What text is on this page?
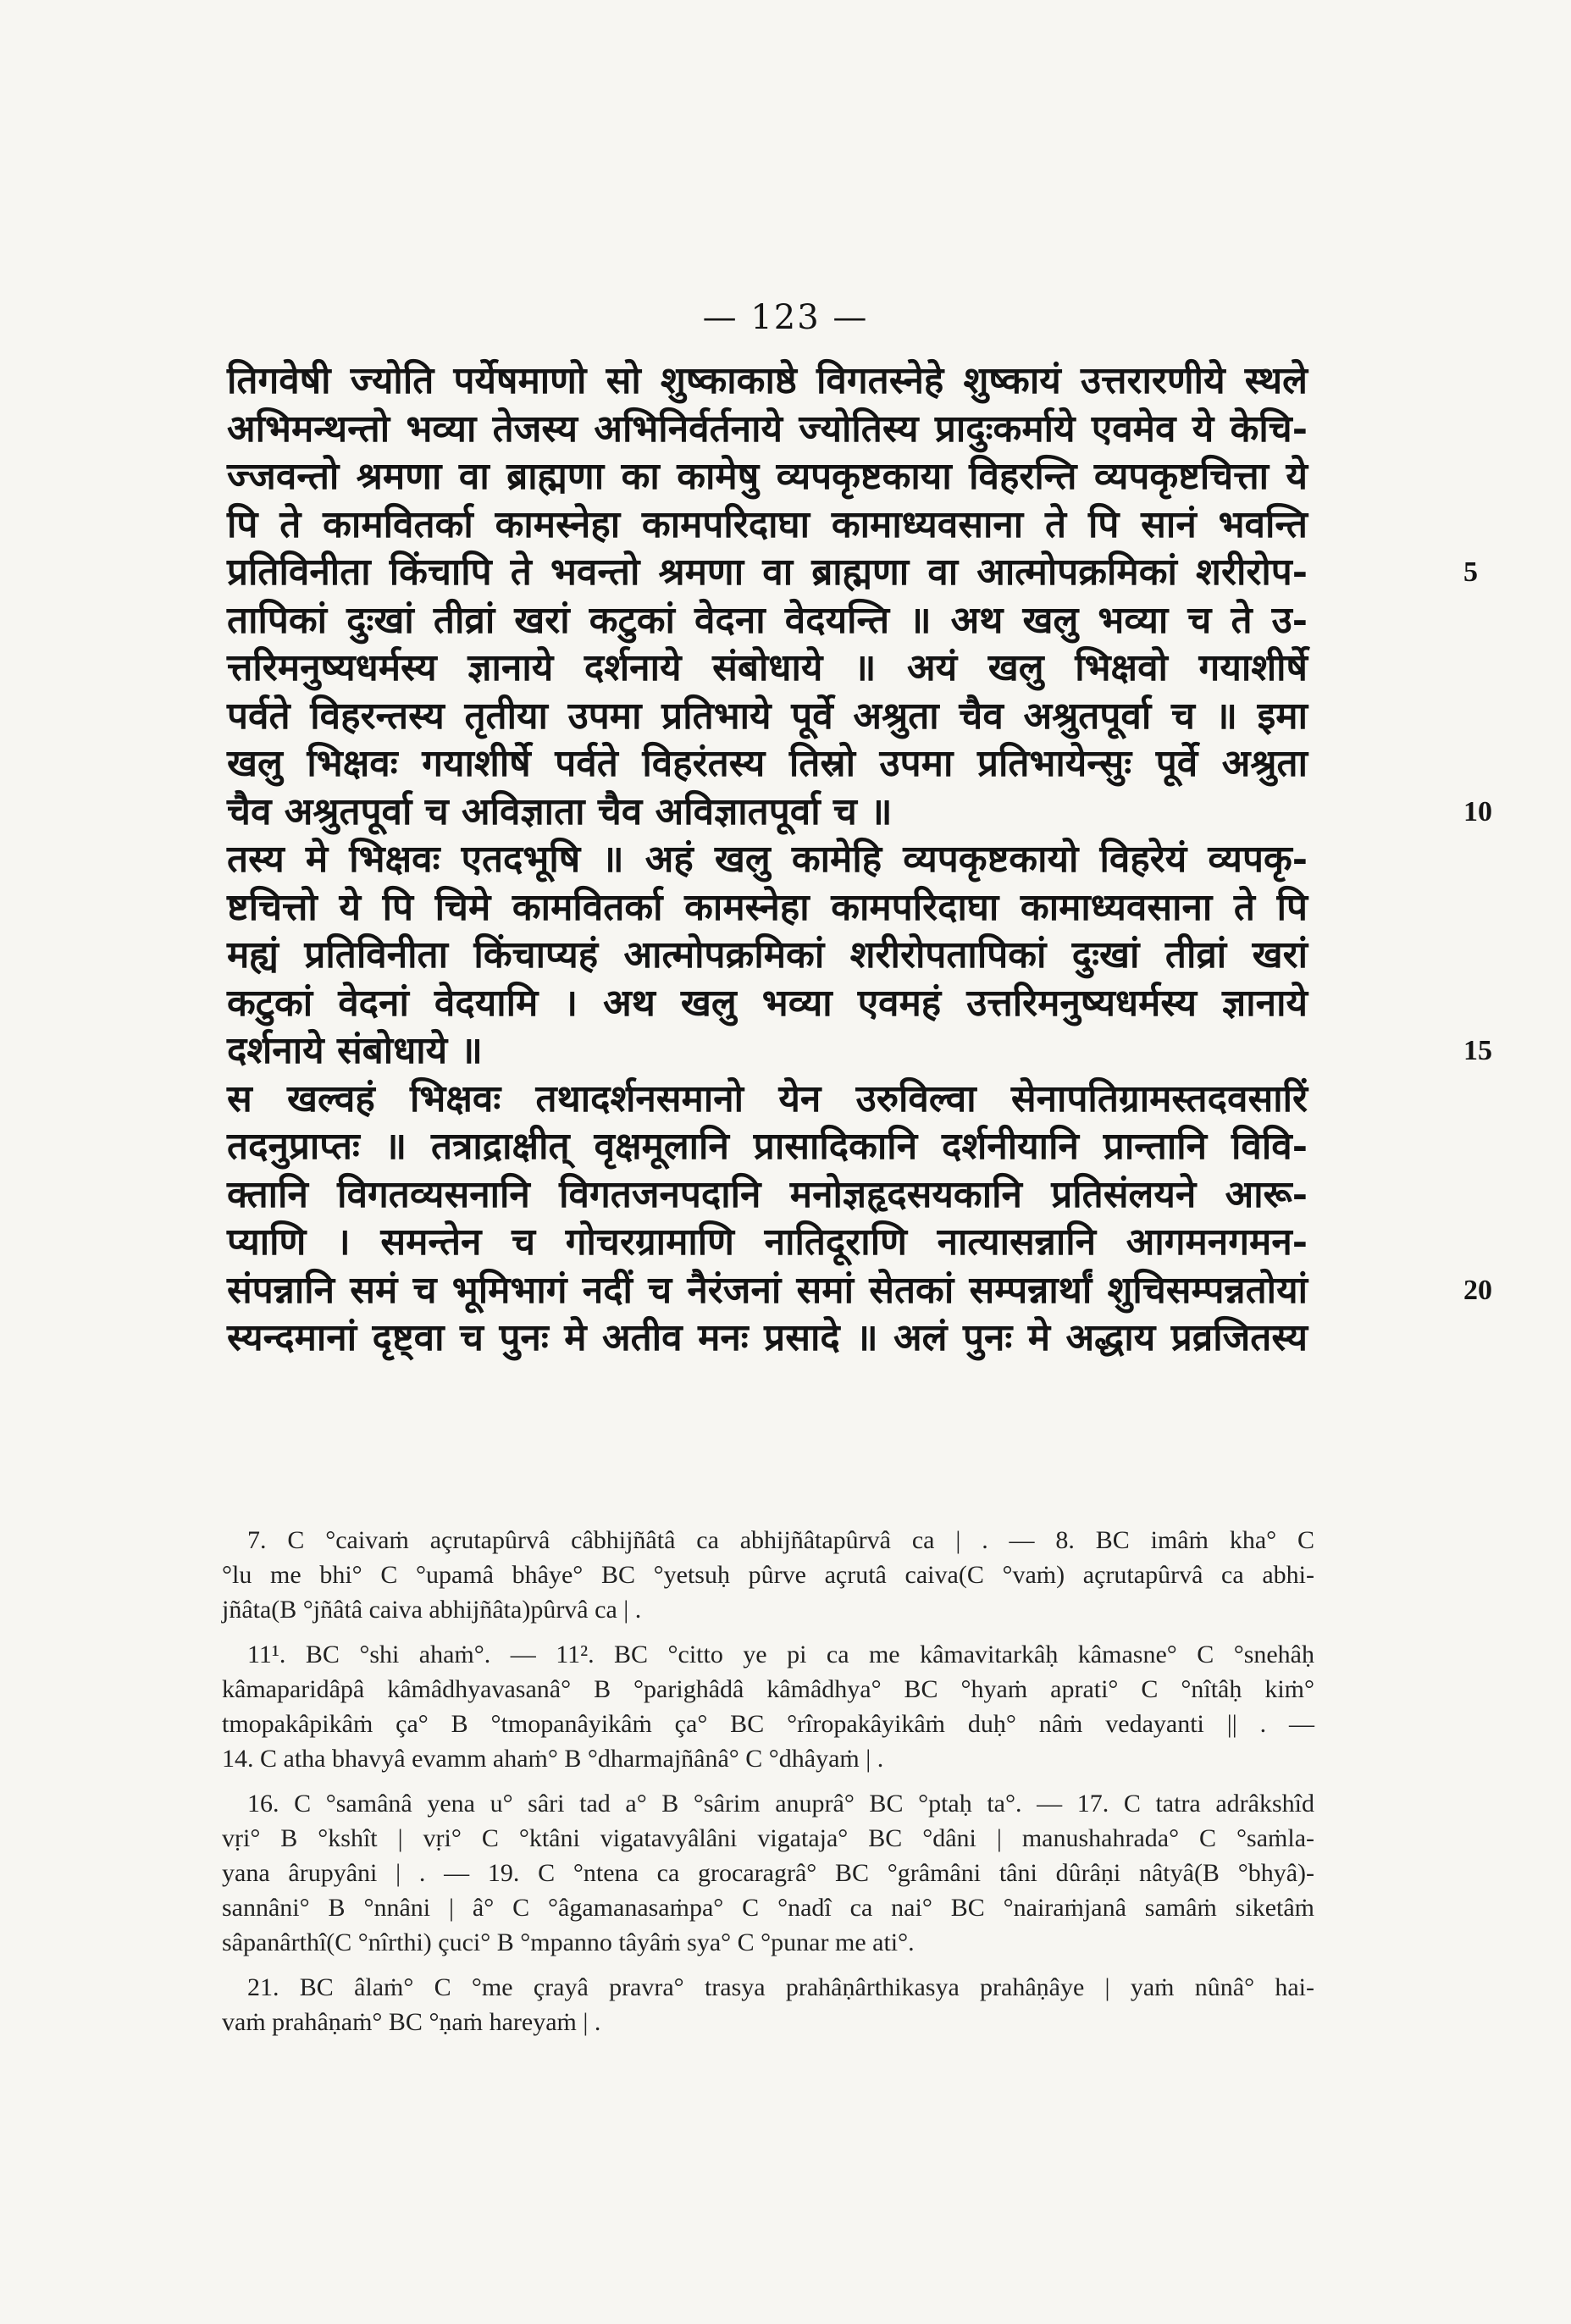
— 123 —
तिगवेषी ज्योति पर्येषमाणो सो शुष्काकाष्ठे विगतस्नेहे शुष्कायं उत्तरारणीये स्थले
अभिमन्थन्तो भव्या तेजस्य अभिनिर्वर्तनाये ज्योतिस्य प्रादुःकर्माये एवमेव ये केचि-
ज्जवन्तो श्रमणा वा ब्राह्मणा का कामेषु व्यपकृष्टकाया विहरन्ति व्यपकृष्टचित्ता ये
पि ते कामवितर्का कामस्नेहा कामपरिदाघा कामाध्यवसाना ते पि सानं भवन्ति
प्रतिविनीता किंचापि ते भवन्तो श्रमणा वा ब्राह्मणा वा आत्मोपक्रमिकां शरीरोप-	5
तापिकां दुःखां तीव्रां खरां कटुकां वेदना वेदयन्ति ॥ अथ खलु भव्या च ते उ-
त्तरिमनुष्यधर्मस्य ज्ञानाये दर्शनाये संबोधाये ॥ अयं खलु भिक्षवो गयाशीर्षे
पर्वते विहरन्तस्य तृतीया उपमा प्रतिभाये पूर्वे अश्रुता चैव अश्रुतपूर्वा च ॥ इमा
खलु भिक्षवः गयाशीर्षे पर्वते विहरंतस्य तिस्रो उपमा प्रतिभायेन्सुः पूर्वे अश्रुता
चैव अश्रुतपूर्वा च अविज्ञाता चैव अविज्ञातपूर्वा च ॥	10
तस्य मे भिक्षवः एतदभूषि ॥ अहं खलु कामेहि व्यपकृष्टकायो विहरेयं व्यपकृ-
ष्टचित्तो ये पि चिमे कामवितर्का कामस्नेहा कामपरिदाघा कामाध्यवसाना ते पि
मह्यं प्रतिविनीता किंचाप्यहं आत्मोपक्रमिकां शरीरोपतापिकां दुःखां तीव्रां खरां
कटुकां वेदनां वेदयामि । अथ खलु भव्या एवमहं उत्तरिमनुष्यधर्मस्य ज्ञानाये
दर्शनाये संबोधाये ॥	15
स खल्वहं भिक्षवः तथादर्शनसमानो येन उरुविल्वा सेनापतिग्रामस्तदवसारिं
तदनुप्राप्तः ॥ तत्राद्राक्षीत् वृक्षमूलानि प्रासादिकानि दर्शनीयानि प्रान्तानि विवि-
क्तानि विगतव्यसनानि विगतजनपदानि मनोज्ञहृदसयकानि प्रतिसंलयने आरू-
प्याणि । समन्तेन च गोचरग्रामाणि नातिदूराणि नात्यासन्नानि आगमनगमन-
संपन्नानि समं च भूमिभागं नदीं च नैरंजनां समां सेतकां सम्पन्नार्थां शुचिसम्पन्नतोयां	20
स्यन्दमानां दृष्ट्वा च पुनः मे अतीव मनः प्रसादे ॥ अलं पुनः मे अद्धाय प्रव्रजितस्य
7. C °caivaṁ açrutapûrvâ câbhijñâtâ ca abhijñâtapûrvâ ca | . — 8. BC imâṁ kha° C
°lu me bhi° C °upamâ bhâye° BC °yetsuḥ pûrve açrutâ caiva(C °vaṁ) açrutapûrvâ ca abhi-
jñâta(B °jñâtâ caiva abhijñâta)pûrvâ ca | .
11¹. BC °shi ahaṁ°. — 11². BC °citto ye pi ca me kâmavitarkâḥ kâmasne° C °snehâḥ
kâmaparidâpâ kâmâdhyavasanâ° B °parighâdâ kâmâdhya° BC °hyaṁ aprati° C °nîtâḥ kiṁ°
tmopakâpikâṁ ça° B °tmopanâyikâṁ ça° BC °rîropakâyikâṁ duḥ° nâṁ vedayanti || . —
14. C atha bhavyâ evamm ahaṁ° B °dharmajñânâ° C °dhâyaṁ | .
16. C °samânâ yena u° sâri tad a° B °sârim anuprâ° BC °ptaḥ ta°. — 17. C tatra adrâkshîd
vṛi° B °kshît | vṛi° C °ktâni vigatavyâlâni vigataja° BC °dâni | manushahrada° C °saṁla-
yana ârupyâni | . — 19. C °ntena ca grocaragrâ° BC °grâmâni tâni dûrâṇi nâtyâ(B °bhyâ)-
sannâni° B °nnâni | â° C °âgamanasaṁpa° C °nadî ca nai° BC °nairaṁjanâ samâṁ siketâṁ
sâpanârthî(C °nîrthi) çuci° B °mpanno tâyâṁ sya° C °punar me ati°.
21. BC âlaṁ° C °me çrayâ pravra° trasya prahâṇârthikasya prahâṇâye | yaṁ nûnâ° hai-
vaṁ prahâṇaṁ° BC °ṇaṁ hareyaṁ | .
